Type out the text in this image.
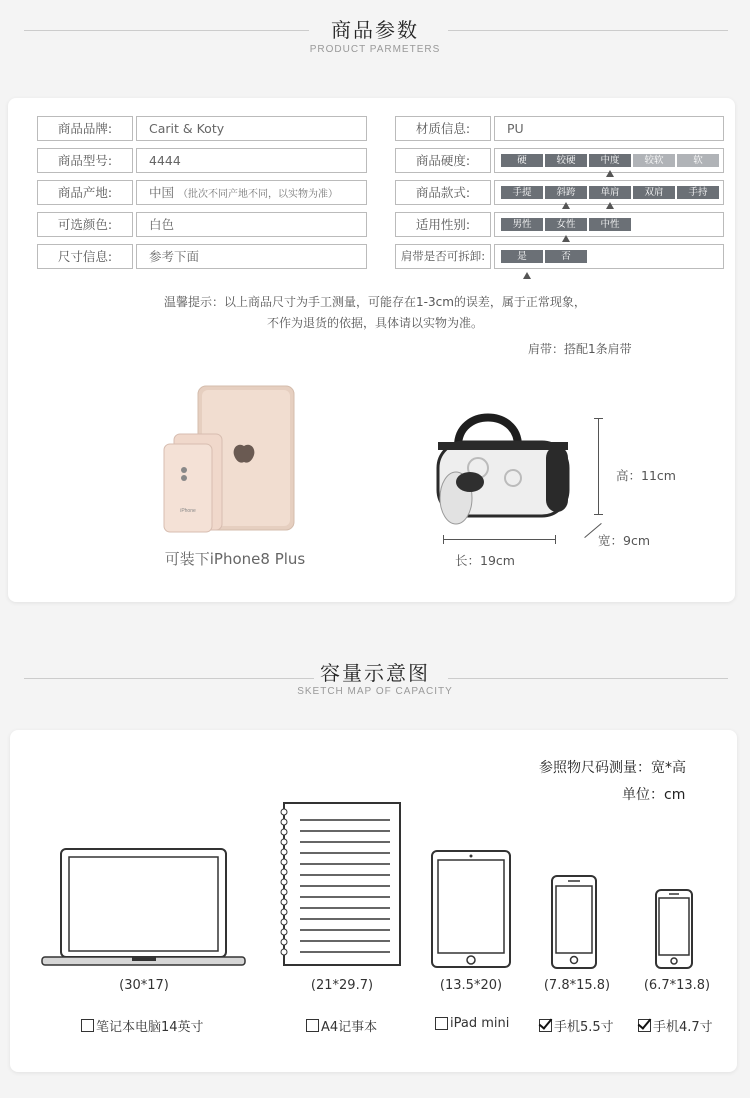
商品参数
PRODUCT PARMETERS
商品品牌:	Carit & Koty
商品型号:	4444
商品产地:	中国 （批次不同产地不同，以实物为准）
可选颜色:	白色
尺寸信息:	参考下面
材质信息:	PU
商品硬度:	硬	较硬	中度	较软	软
商品款式:	手提	斜跨	单肩	双肩	手持
适用性别:	男性	女性	中性
肩带是否可拆卸:	是	否
温馨提示：以上商品尺寸为手工测量，可能存在1-3cm的误差，属于正常现象，
不作为退货的依据，具体请以实物为准。
肩带：搭配1条肩带
iPhone
可装下iPhone8 Plus
高：11cm
宽：9cm
长：19cm
容量示意图
SKETCH MAP OF CAPACITY
参照物尺码测量：宽*高
单位：cm
(30*17)	(21*29.7)	(13.5*20)	(7.8*15.8)	(6.7*13.8)
笔记本电脑14英寸	A4记事本	iPad mini	手机5.5寸	手机4.7寸
